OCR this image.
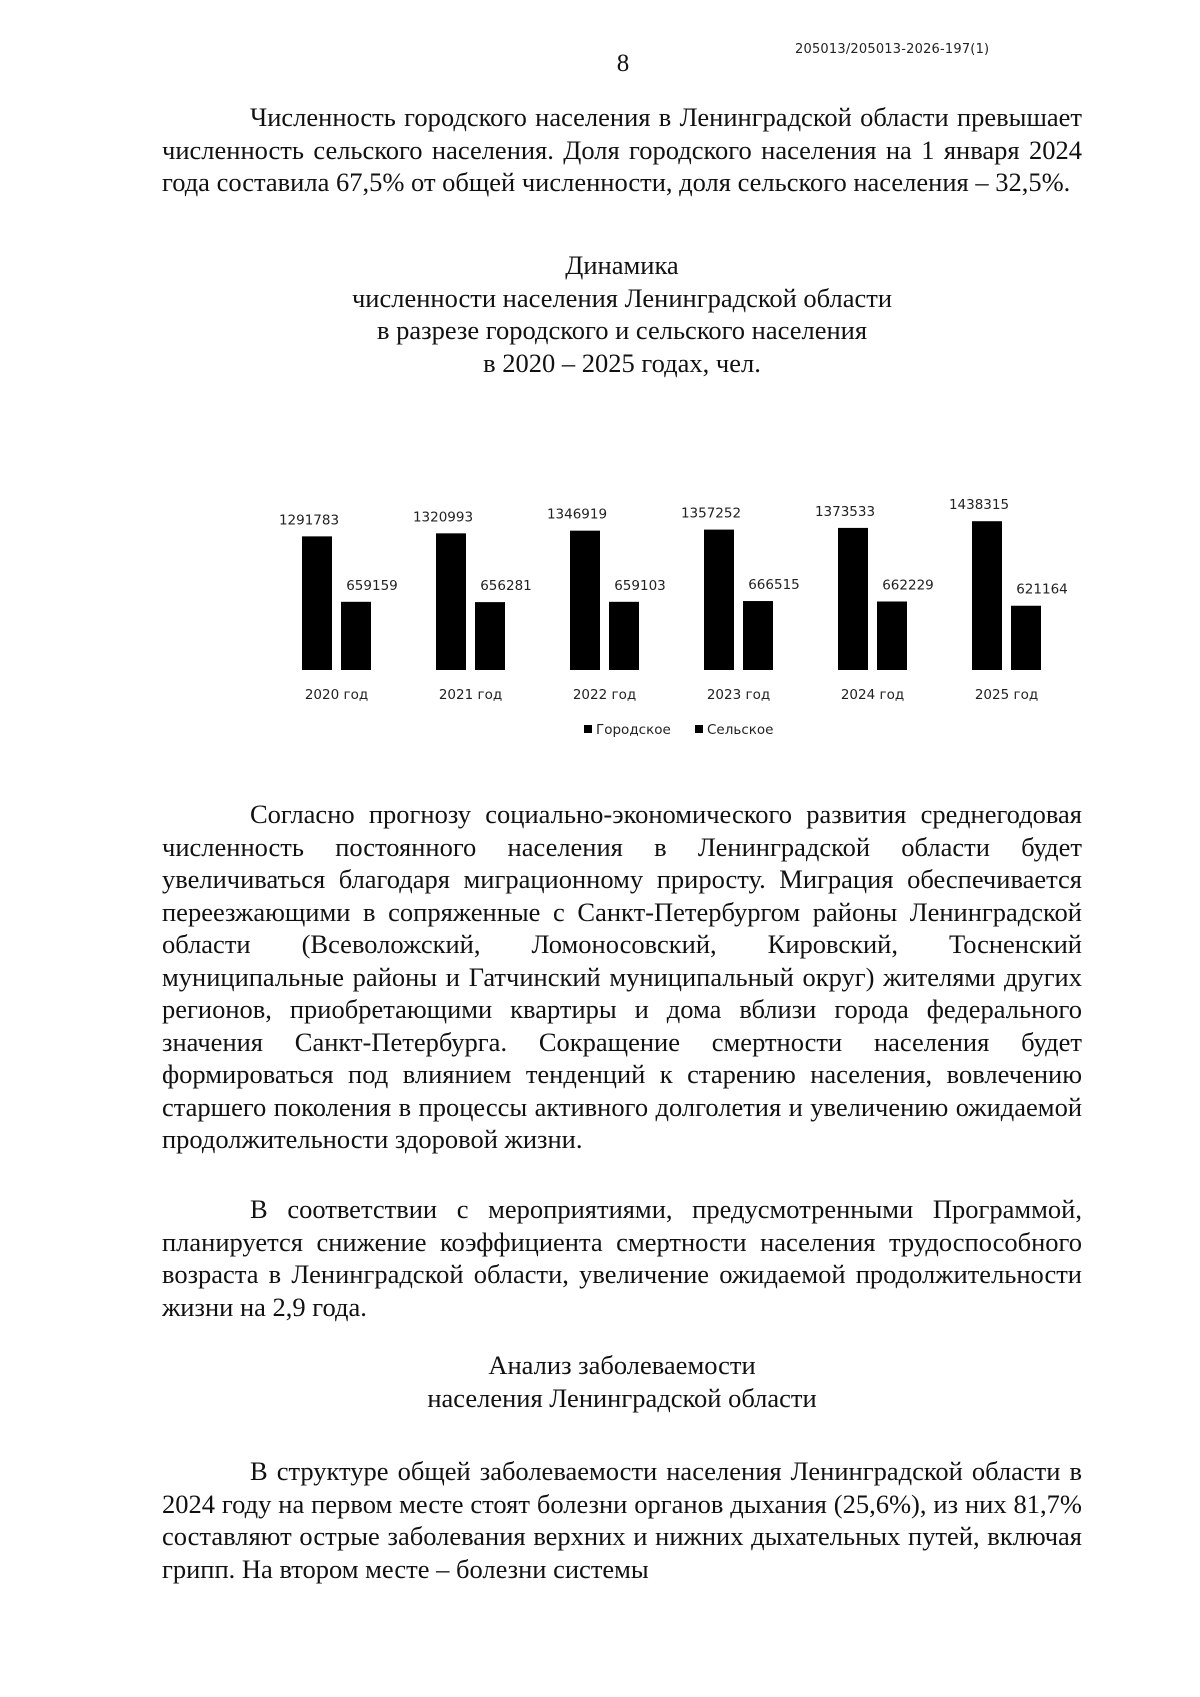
205013/205013-2026-197(1)
8

Численность городского населения в Ленинградской области превышает численность сельского населения. Доля городского населения на 1 января 2024 года составила 67,5% от общей численности, доля сельского населения – 32,5%.

Динамика
численности населения Ленинградской области
в разрезе городского и сельского населения
в 2020 – 2025 годах, чел.
1291783
659159
2020 год
1320993
656281
2021 год
1346919
659103
2022 год
1357252
666515
2023 год
1373533
662229
2024 год
1438315
621164
2025 год
Городское	Сельское

Согласно прогнозу социально-экономического развития среднегодовая численность постоянного населения в Ленинградской области будет увеличиваться благодаря миграционному приросту. Миграция обеспечивается переезжающими в сопряженные с Санкт-Петербургом районы Ленинградской области (Всеволожский, Ломоносовский, Кировский, Тосненский муниципальные районы и Гатчинский муниципальный округ) жителями других регионов, приобретающими квартиры и дома вблизи города федерального значения Санкт-Петербурга. Сокращение смертности населения будет формироваться под влиянием тенденций к старению населения, вовлечению старшего поколения в процессы активного долголетия и увеличению ожидаемой продолжительности здоровой жизни.

В соответствии с мероприятиями, предусмотренными Программой, планируется снижение коэффициента смертности населения трудоспособного возраста в Ленинградской области, увеличение ожидаемой продолжительности жизни на 2,9 года.

Анализ заболеваемости
населения Ленинградской области

В структуре общей заболеваемости населения Ленинградской области в 2024 году на первом месте стоят болезни органов дыхания (25,6%), из них 81,7% составляют острые заболевания верхних и нижних дыхательных путей, включая грипп. На втором месте – болезни системы
